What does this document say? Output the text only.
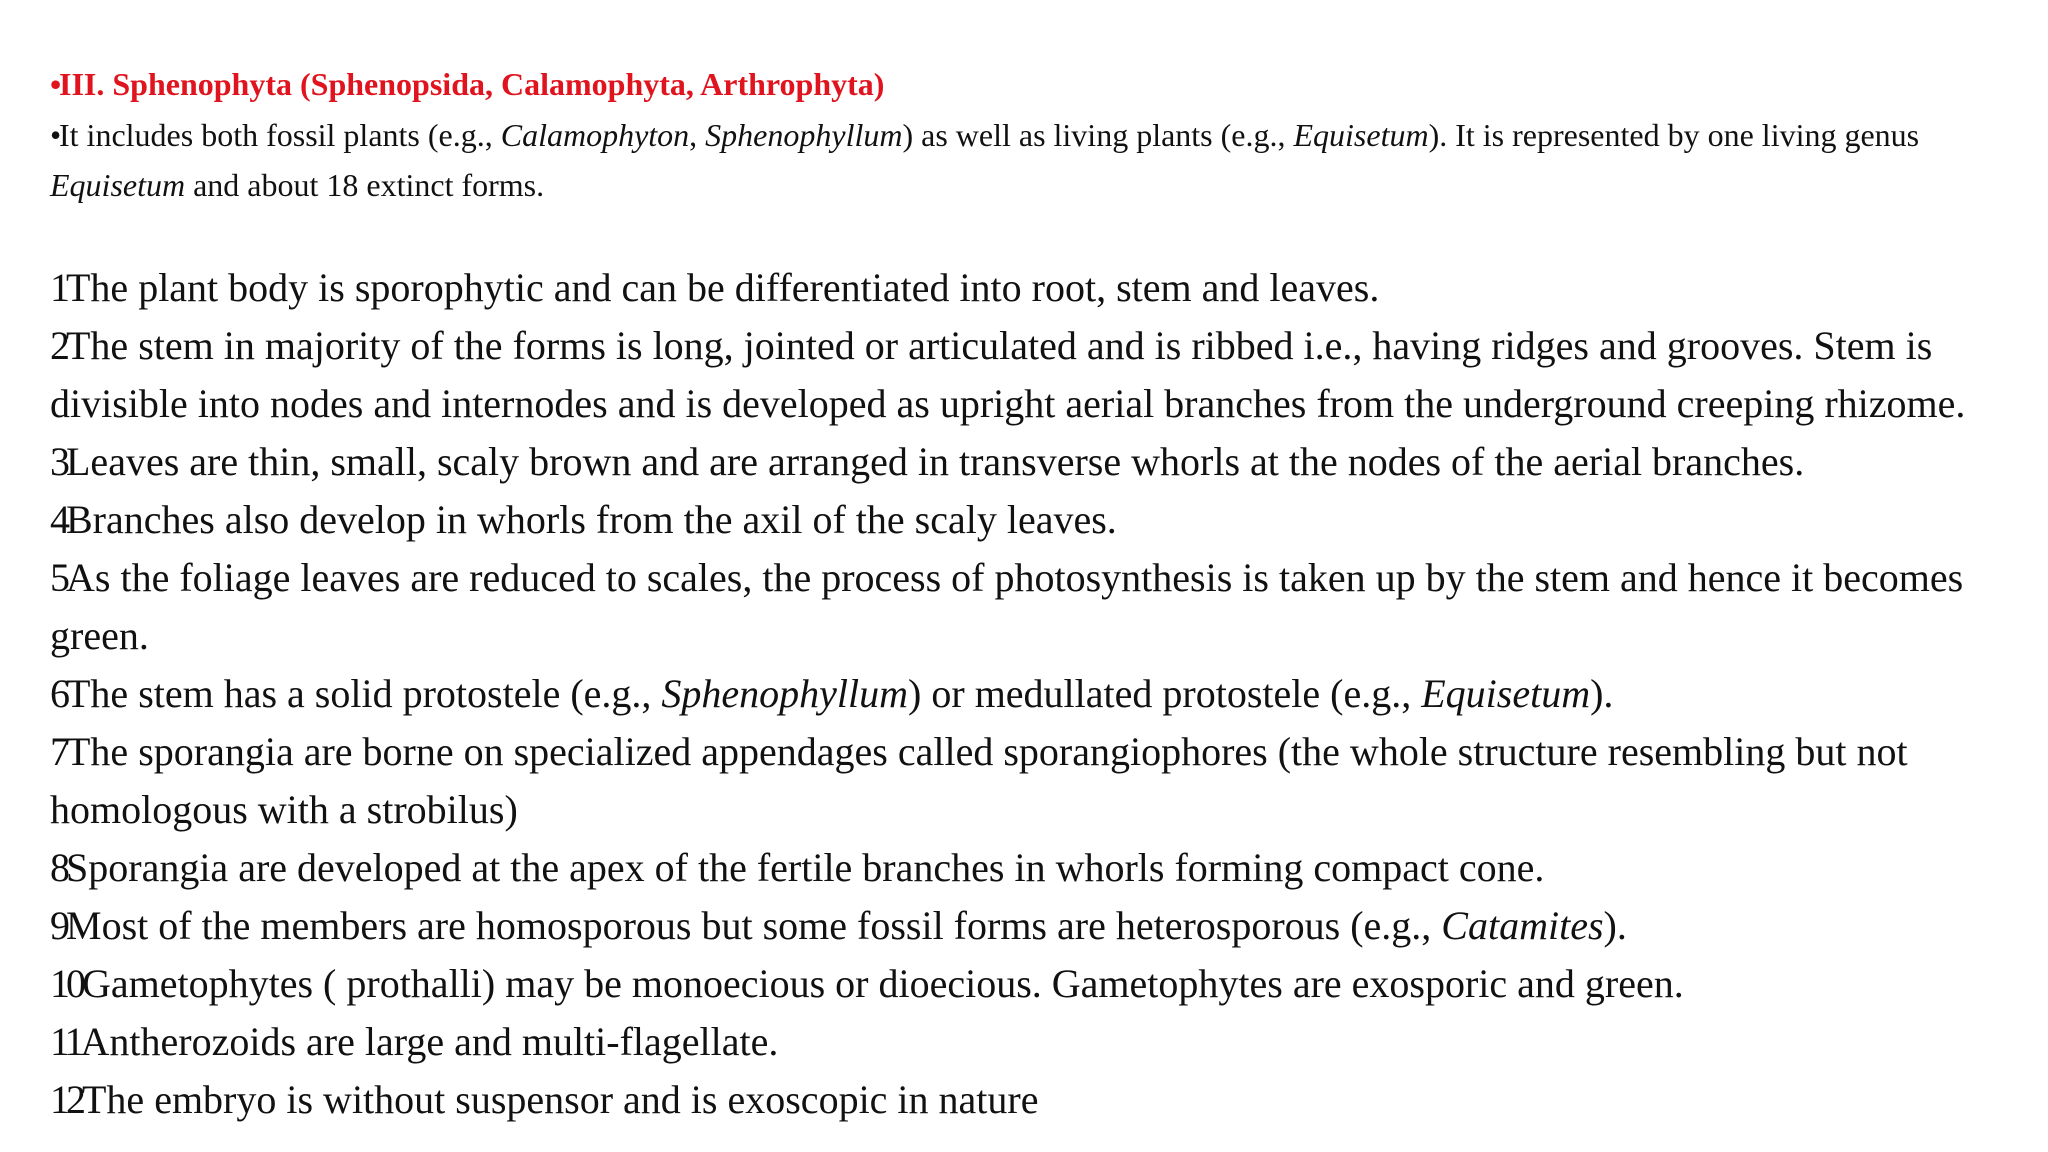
•III. Sphenophyta (Sphenopsida, Calamophyta, Arthrophyta)
•It includes both fossil plants (e.g., Calamophyton, Sphenophyllum) as well as living plants (e.g., Equisetum). It is represented by one living genus Equisetum and about 18 extinct forms.

1The plant body is sporophytic and can be differentiated into root, stem and leaves.

2The stem in majority of the forms is long, jointed or articulated and is ribbed i.e., having ridges and grooves. Stem is divisible into nodes and internodes and is developed as upright aerial branches from the underground creeping rhizome.

3Leaves are thin, small, scaly brown and are arranged in transverse whorls at the nodes of the aerial branches.

4Branches also develop in whorls from the axil of the scaly leaves.

5As the foliage leaves are reduced to scales, the process of photosynthesis is taken up by the stem and hence it becomes green.

6The stem has a solid protostele (e.g., Sphenophyllum) or medullated protostele (e.g., Equisetum).

7The sporangia are borne on specialized appendages called sporangiophores (the whole structure resembling but not homologous with a strobilus)

8Sporangia are developed at the apex of the fertile branches in whorls forming compact cone.

9Most of the members are homosporous but some fossil forms are heterosporous (e.g., Catamites).

10Gametophytes ( prothalli) may be monoecious or dioecious. Gametophytes are exosporic and green.

11Antherozoids are large and multi-flagellate.

12The embryo is without suspensor and is exoscopic in nature
